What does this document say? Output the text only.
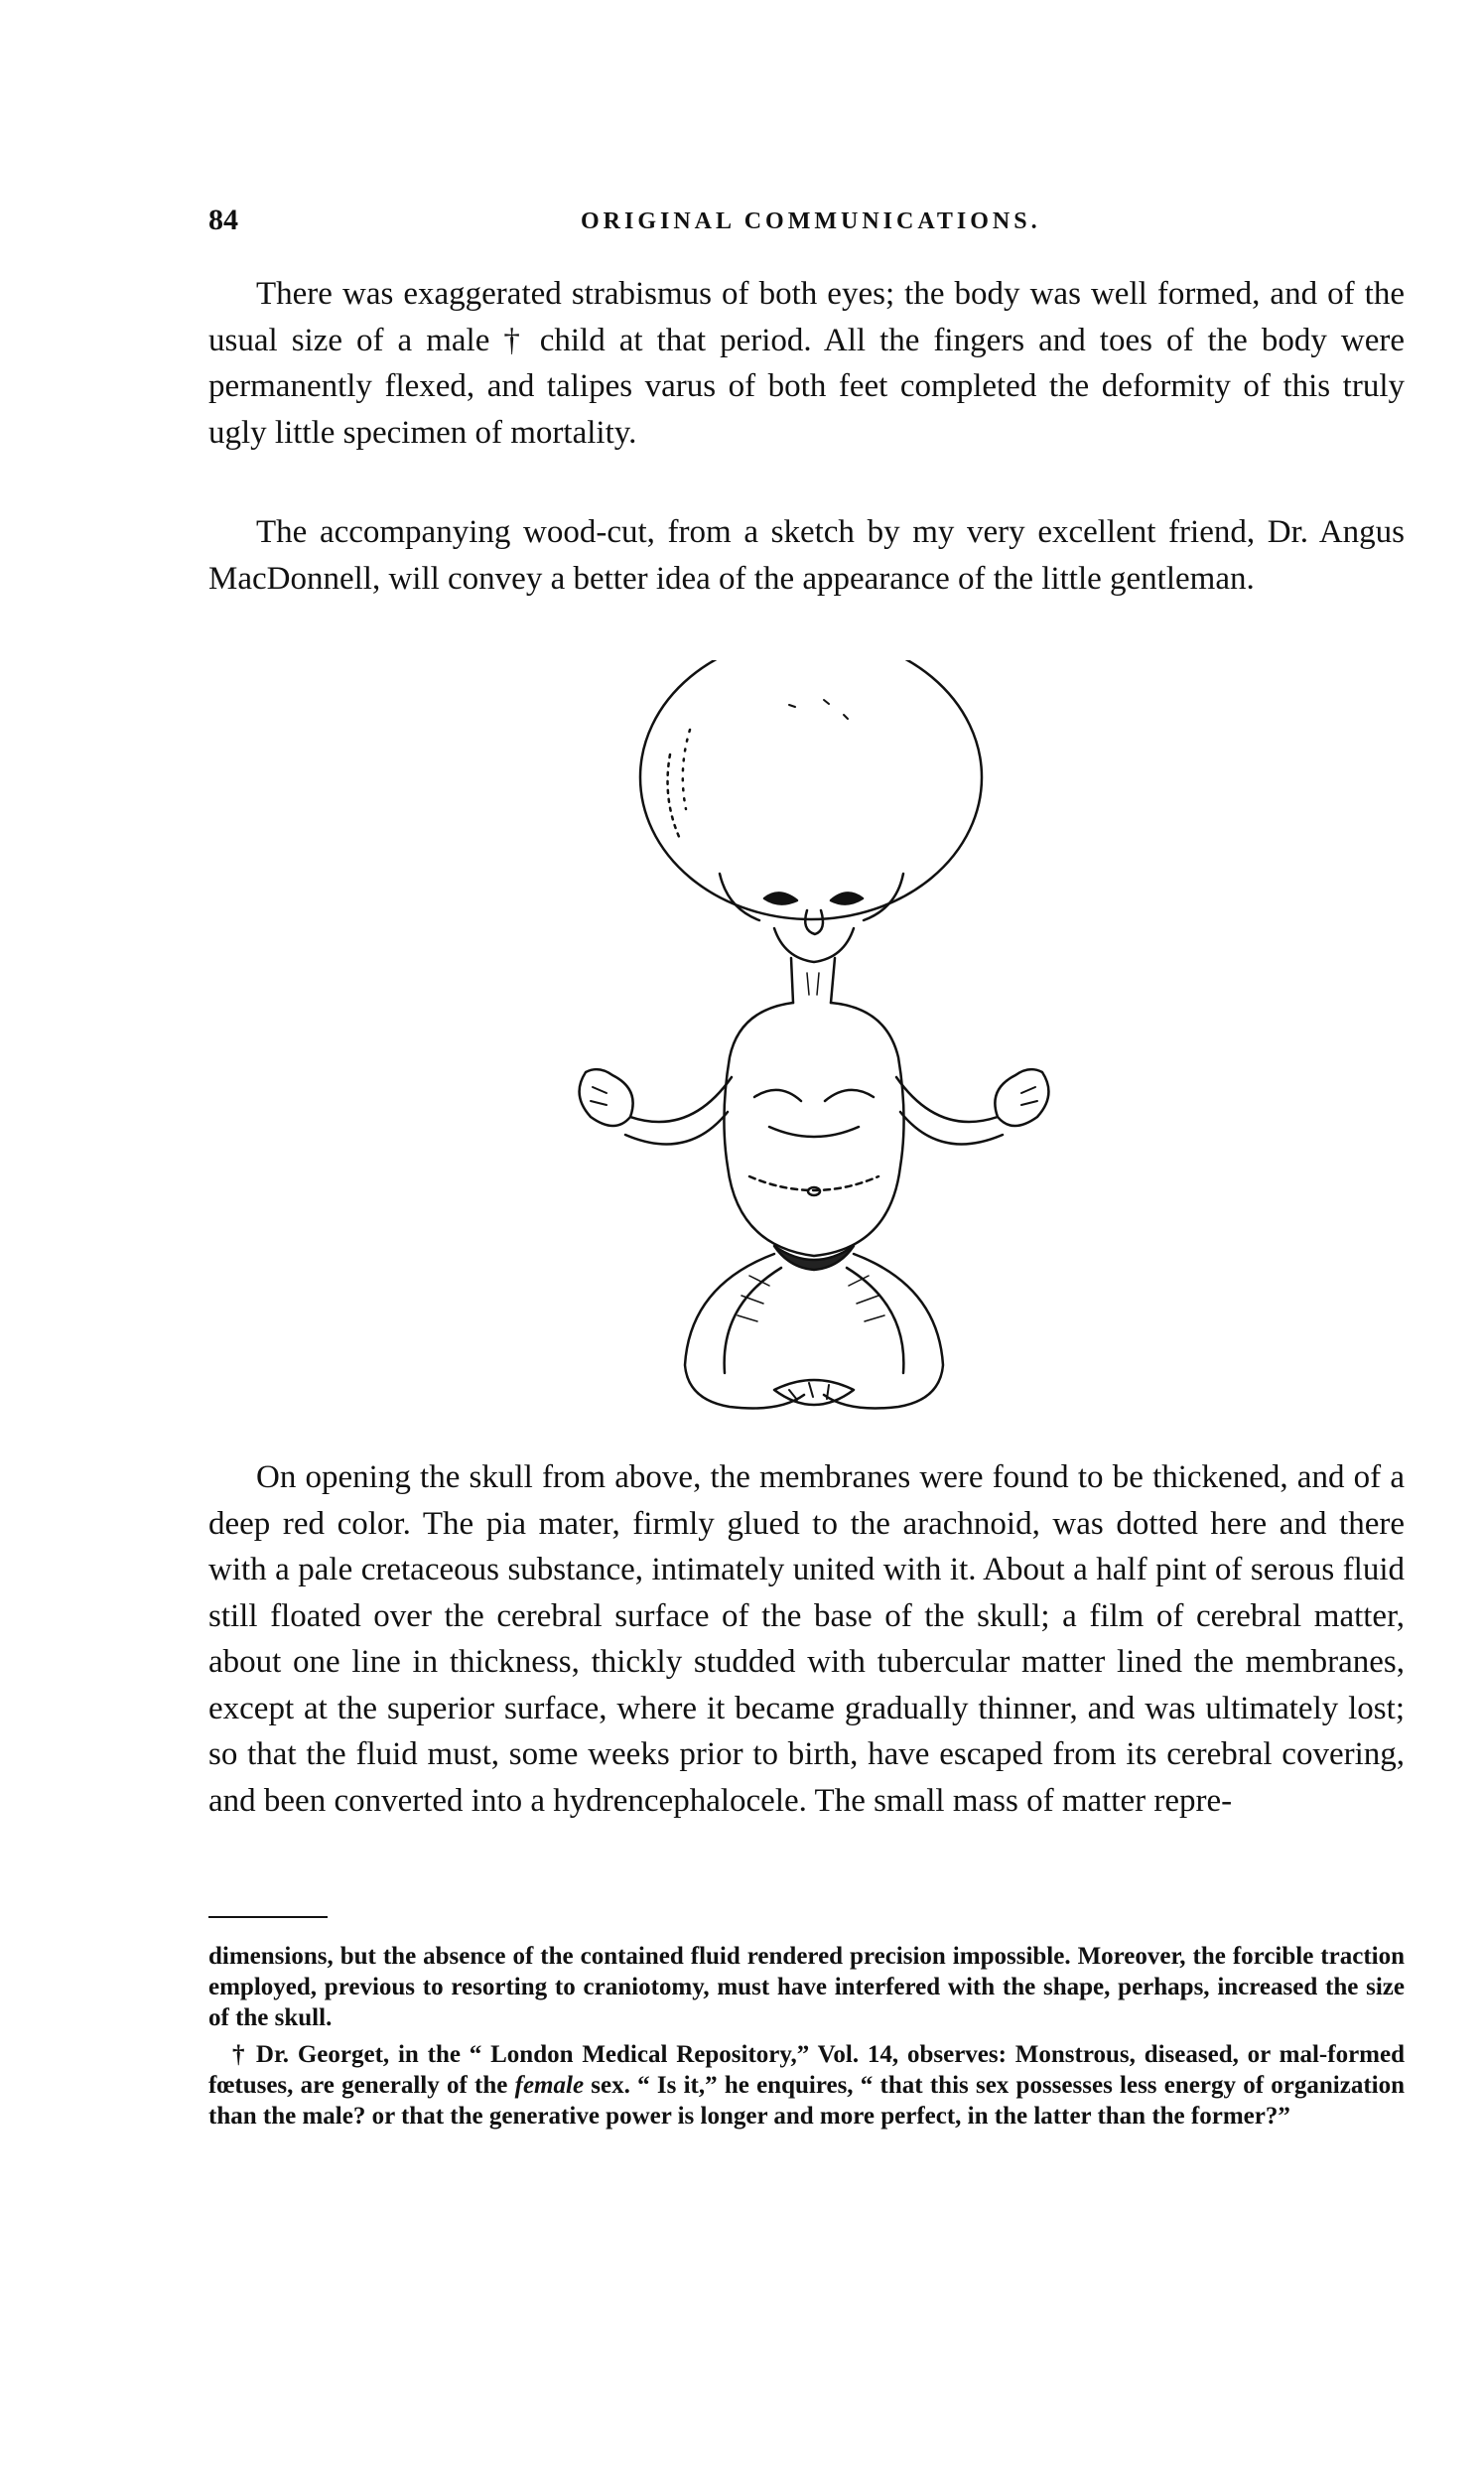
84	ORIGINAL COMMUNICATIONS.

There was exaggerated strabismus of both eyes; the body was well formed, and of the usual size of a male † child at that period. All the fingers and toes of the body were permanently flexed, and talipes varus of both feet completed the deformity of this truly ugly little specimen of mortality.

The accompanying wood-cut, from a sketch by my very excellent friend, Dr. Angus MacDonnell, will convey a better idea of the appearance of the little gentleman.

On opening the skull from above, the membranes were found to be thickened, and of a deep red color. The pia mater, firmly glued to the arachnoid, was dotted here and there with a pale cretaceous substance, intimately united with it. About a half pint of serous fluid still floated over the cerebral surface of the base of the skull; a film of cerebral matter, about one line in thickness, thickly studded with tubercular matter lined the membranes, except at the superior surface, where it became gradually thinner, and was ultimately lost; so that the fluid must, some weeks prior to birth, have escaped from its cerebral covering, and been converted into a hydrencephalocele. The small mass of matter repre-

dimensions, but the absence of the contained fluid rendered precision impossible. Moreover, the forcible traction employed, previous to resorting to craniotomy, must have interfered with the shape, perhaps, increased the size of the skull.

† Dr. Georget, in the “ London Medical Repository,” Vol. 14, observes: Monstrous, diseased, or mal-formed fœtuses, are generally of the female sex. “ Is it,” he enquires, “ that this sex possesses less energy of organization than the male? or that the generative power is longer and more perfect, in the latter than the former?”
